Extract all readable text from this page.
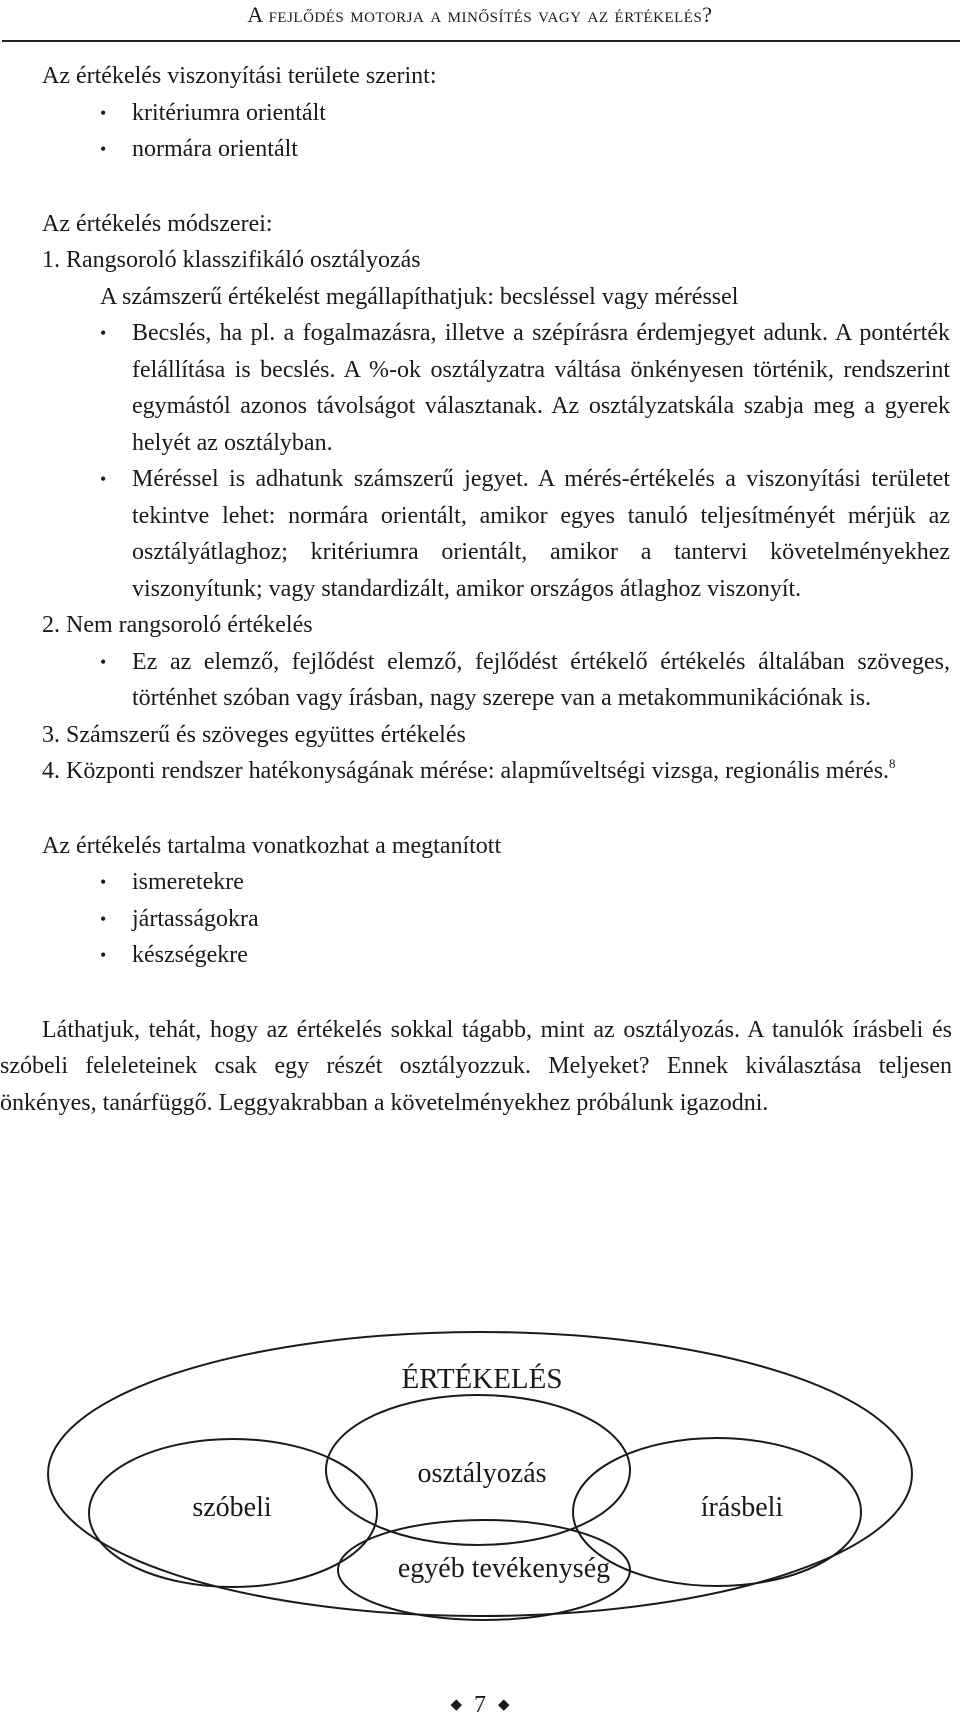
A fejlődés motorja a minősítés vagy az értékelés?

Az értékelés viszonyítási területe szerint:

• kritériumra orientált
• normára orientált

Az értékelés módszerei:

1. Rangsoroló klasszifikáló osztályozás

A számszerű értékelést megállapíthatjuk: becsléssel vagy méréssel

• Becslés, ha pl. a fogalmazásra, illetve a szépírásra érdemjegyet adunk. A pontérték felállítása is becslés. A %-ok osztályzatra váltása önkényesen történik, rendszerint egymástól azonos távolságot választanak. Az osztályzatskála szabja meg a gyerek helyét az osztályban.
• Méréssel is adhatunk számszerű jegyet. A mérés-értékelés a viszonyítási területet tekintve lehet: normára orientált, amikor egyes tanuló teljesítményét mérjük az osztályátlaghoz; kritériumra orientált, amikor a tantervi követelményekhez viszonyítunk; vagy standardizált, amikor országos átlaghoz viszonyít.

2. Nem rangsoroló értékelés

• Ez az elemző, fejlődést elemző, fejlődést értékelő értékelés általában szöveges, történhet szóban vagy írásban, nagy szerepe van a metakommunikációnak is.

3. Számszerű és szöveges együttes értékelés

4. Központi rendszer hatékonyságának mérése: alapműveltségi vizsga, regionális mérés.$^8$

Az értékelés tartalma vonatkozhat a megtanított

• ismeretekre
• jártasságokra
• készségekre

Láthatjuk, tehát, hogy az értékelés sokkal tágabb, mint az osztályozás. A tanulók írásbeli és szóbeli feleleteinek csak egy részét osztályozzuk. Melyeket? Ennek kiválasztása teljesen önkényes, tanárfüggő. Leggyakrabban a követelményekhez próbálunk igazodni.

ÉRTÉKELÉS
osztályozás
szóbeli	írásbeli
egyéb tevékenység
◆ 7 ◆
